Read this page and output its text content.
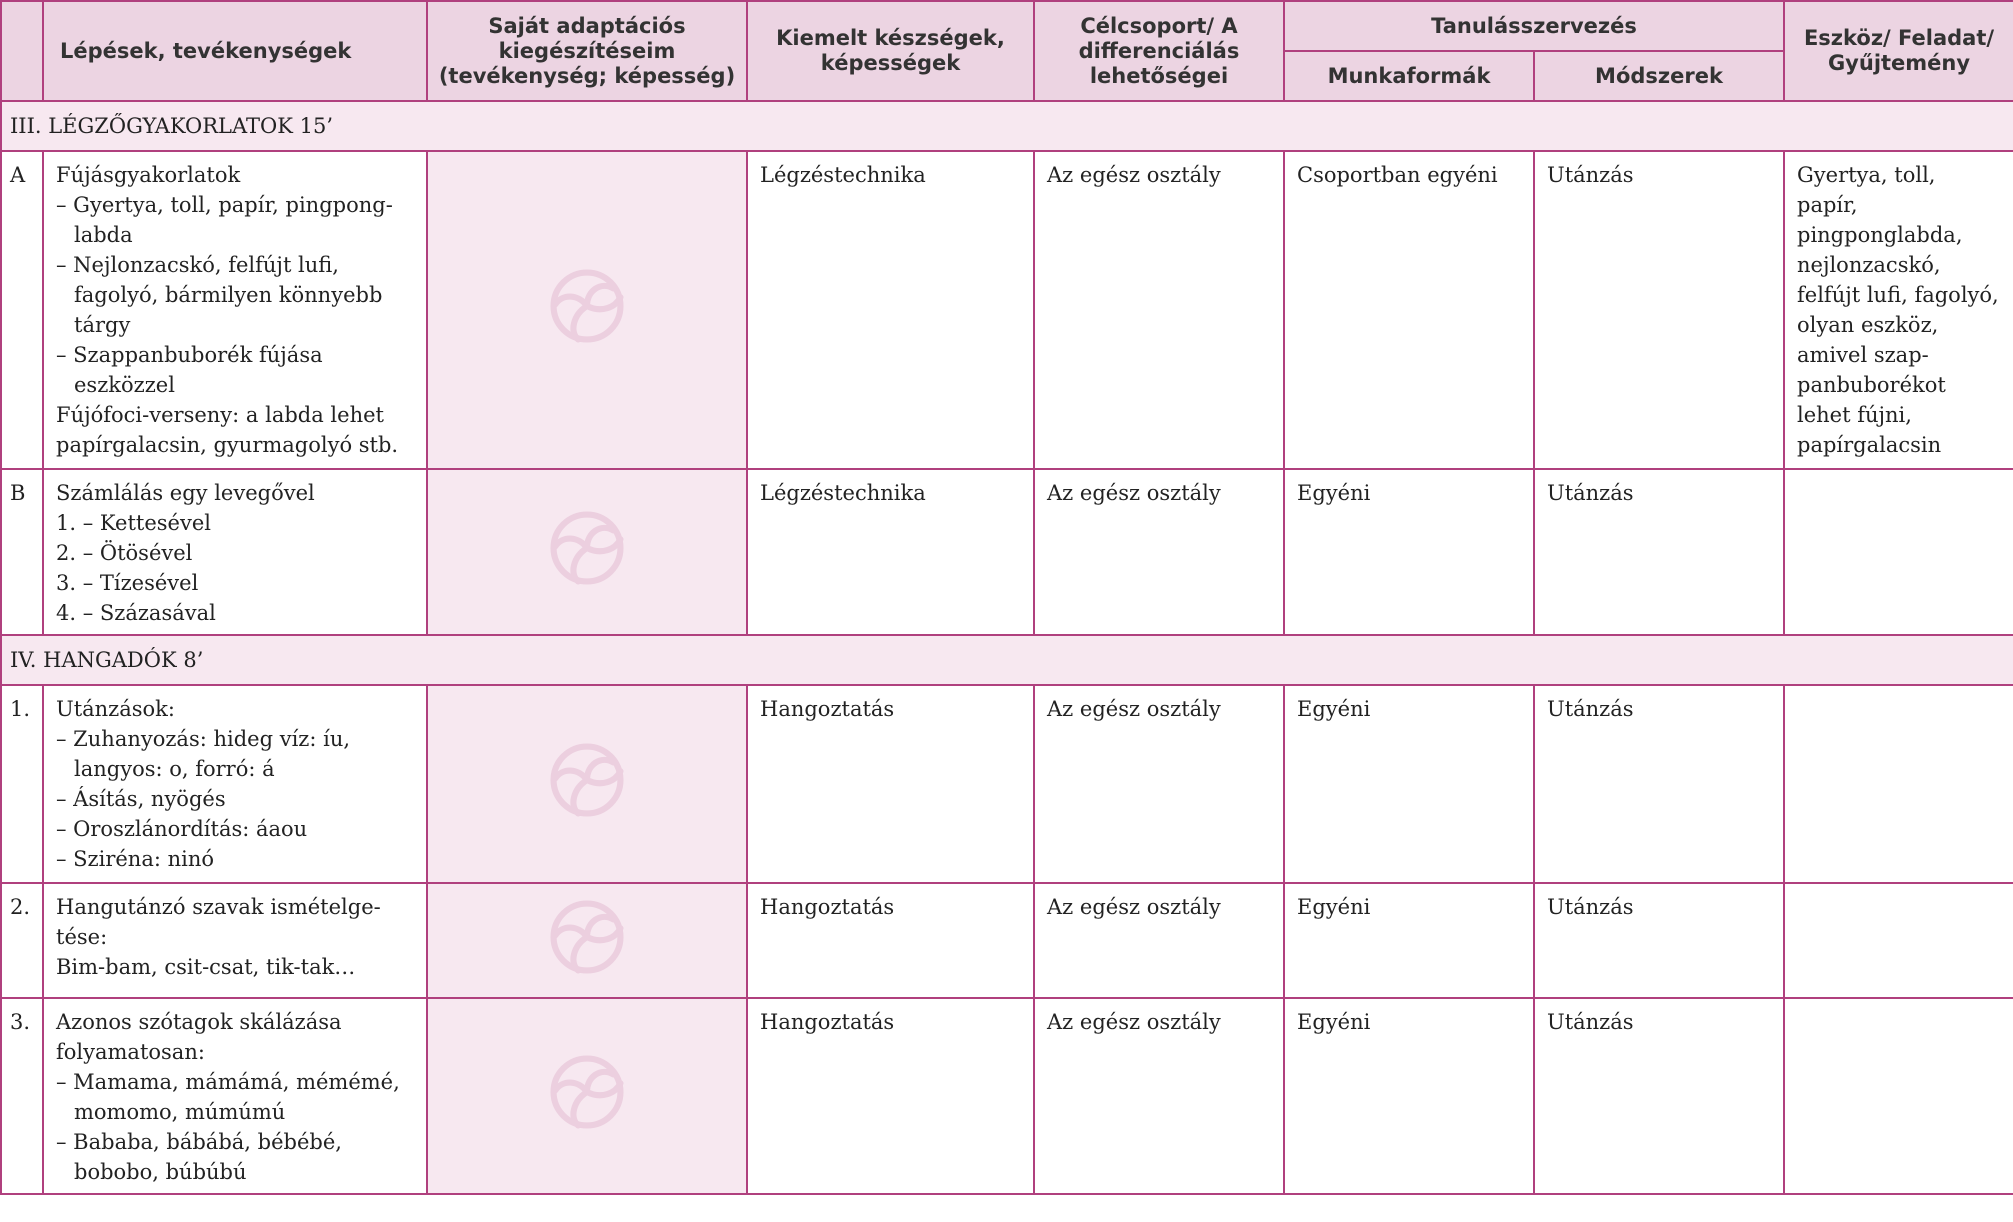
	Lépések, tevékenységek	Saját adaptációs kiegészítéseim (tevékenység; képesség)	Kiemelt készségek, képességek	Célcsoport/ A differenciálás lehetőségei	Tanulásszervezés		Eszköz/ Feladat/ Gyűjtemény
					Munkaformák	Módszerek	
III. LÉGZŐGYAKORLATOK 15’							
A	Fújásgyakorlatok
– Gyertya, toll, papír, pingponglabda
– Nejlonzacskó, felfújt lufi, fagolyó, bármilyen könnyebb tárgy
– Szappanbuborék fújása eszközzel
Fújófoci-verseny: a labda lehet papírgalacsin, gyurmagolyó stb.		Légzéstechnika	Az egész osztály	Csoportban egyéni	Utánzás	Gyertya, toll, papír, pingponglabda, nejlonzacskó, felfújt lufi, fagolyó, olyan eszköz, amivel szappanbuborékot lehet fújni, papírgalacsin
B	Számlálás egy levegővel
1. – Kettesével
2. – Ötösével
3. – Tízesével
4. – Százasával		Légzéstechnika	Az egész osztály	Egyéni	Utánzás	
IV. HANGADÓK 8’							
1.	Utánzások:
– Zuhanyozás: hideg víz: íu, langyos: o, forró: á
– Ásítás, nyögés
– Oroszlánordítás: áaou
– Sziréna: ninó		Hangoztatás	Az egész osztály	Egyéni	Utánzás	
2.	Hangutánzó szavak ismételgetése:
Bim-bam, csit-csat, tik-tak…		Hangoztatás	Az egész osztály	Egyéni	Utánzás	
3.	Azonos szótagok skálázása folyamatosan:
– Mamama, mámámá, mémémé, momomo, múmúmú
– Bababa, bábábá, bébébé, bobobo, búbúbú		Hangoztatás	Az egész osztály	Egyéni	Utánzás	
